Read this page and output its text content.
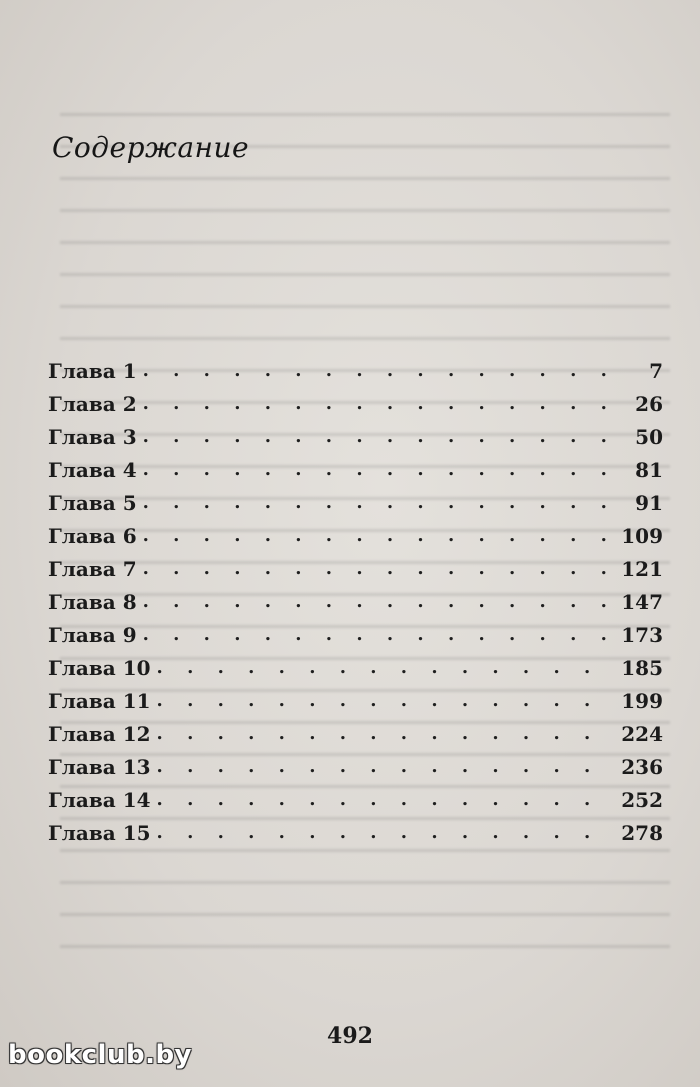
Содержание
Глава 1 . . .	7
Глава 2 . . .	26
Глава 3 . . .	50
Глава 4 . . .	81
Глава 5 . . .	91
Глава 6 . . .	109
Глава 7 . . .	121
Глава 8 . . .	147
Глава 9 . . .	173
Глава 10 . . .	185
Глава 11 . . .	199
Глава 12 . . .	224
Глава 13 . . .	236
Глава 14 . . .	252
Глава 15 . . .	278
492
bookclub.by
